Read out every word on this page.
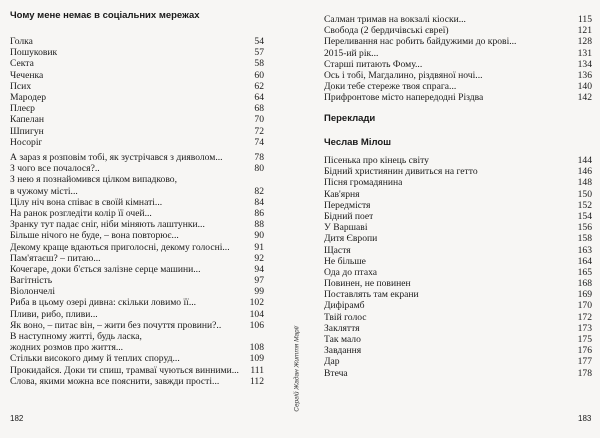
Чому мене немає в соціальних мережах
Голка	54
Пошуковик	57
Секта	58
Чеченка	60
Псих	62
Мародер	64
Плеєр	68
Капелан	70
Шпигун	72
Носоріг	74
А зараз я розповім тобі, як зустрічався з дияволом...	78
З чого все почалося?..	80
З нею я познайомився цілком випадково,
в чужому місті...	82
Цілу ніч вона співає в своїй кімнаті...	84
На ранок розгледіти колір її очей...	86
Зранку тут падає сніг, ніби міняють лаштунки...	88
Більше нічого не буде, – вона повторює...	90
Декому краще вдаються приголосні, декому голосні...	91
Пам'ятаєш? – питаю...	92
Кочегаре, доки б'ється залізне серце машини...	94
Вагітність	97
Віолончелі	99
Риба в цьому озері дивна: скільки ловимо її...	102
Пливи, рибо, пливи...	104
Як воно, – питає він, – жити без почуття провини?..	106
В наступному житті, будь ласка,
жодних розмов про життя...	108
Стільки високого диму й теплих споруд...	109
Прокидайся. Доки ти спиш, трамваї чуються винними...	111
Слова, якими можна все пояснити, завжди прості...	112
182
Сергій Жадан Життя Марії
Салман тримав на вокзалі кіоски...	115
Свобода (2 бердичівські євреї)	121
Переливання нас робить байдужими до крові...	128
2015-ий рік...	131
Старші питають Фому...	134
Ось і тобі, Магдалино, різдвяної ночі...	136
Доки тебе стереже твоя спрага...	140
Прифронтове місто напередодні Різдва	142
Переклади
Чеслав Мілош
Пісенька про кінець світу	144
Бідний християнин дивиться на гетто	146
Пісня громадянина	148
Кав'ярня	150
Передмістя	152
Бідний поет	154
У Варшаві	156
Дитя Європи	158
Щастя	163
Не більше	164
Ода до птаха	165
Повинен, не повинен	168
Поставлять там екрани	169
Дифірамб	170
Твій голос	172
Закляття	173
Так мало	175
Завдання	176
Дар	177
Втеча	178
183
